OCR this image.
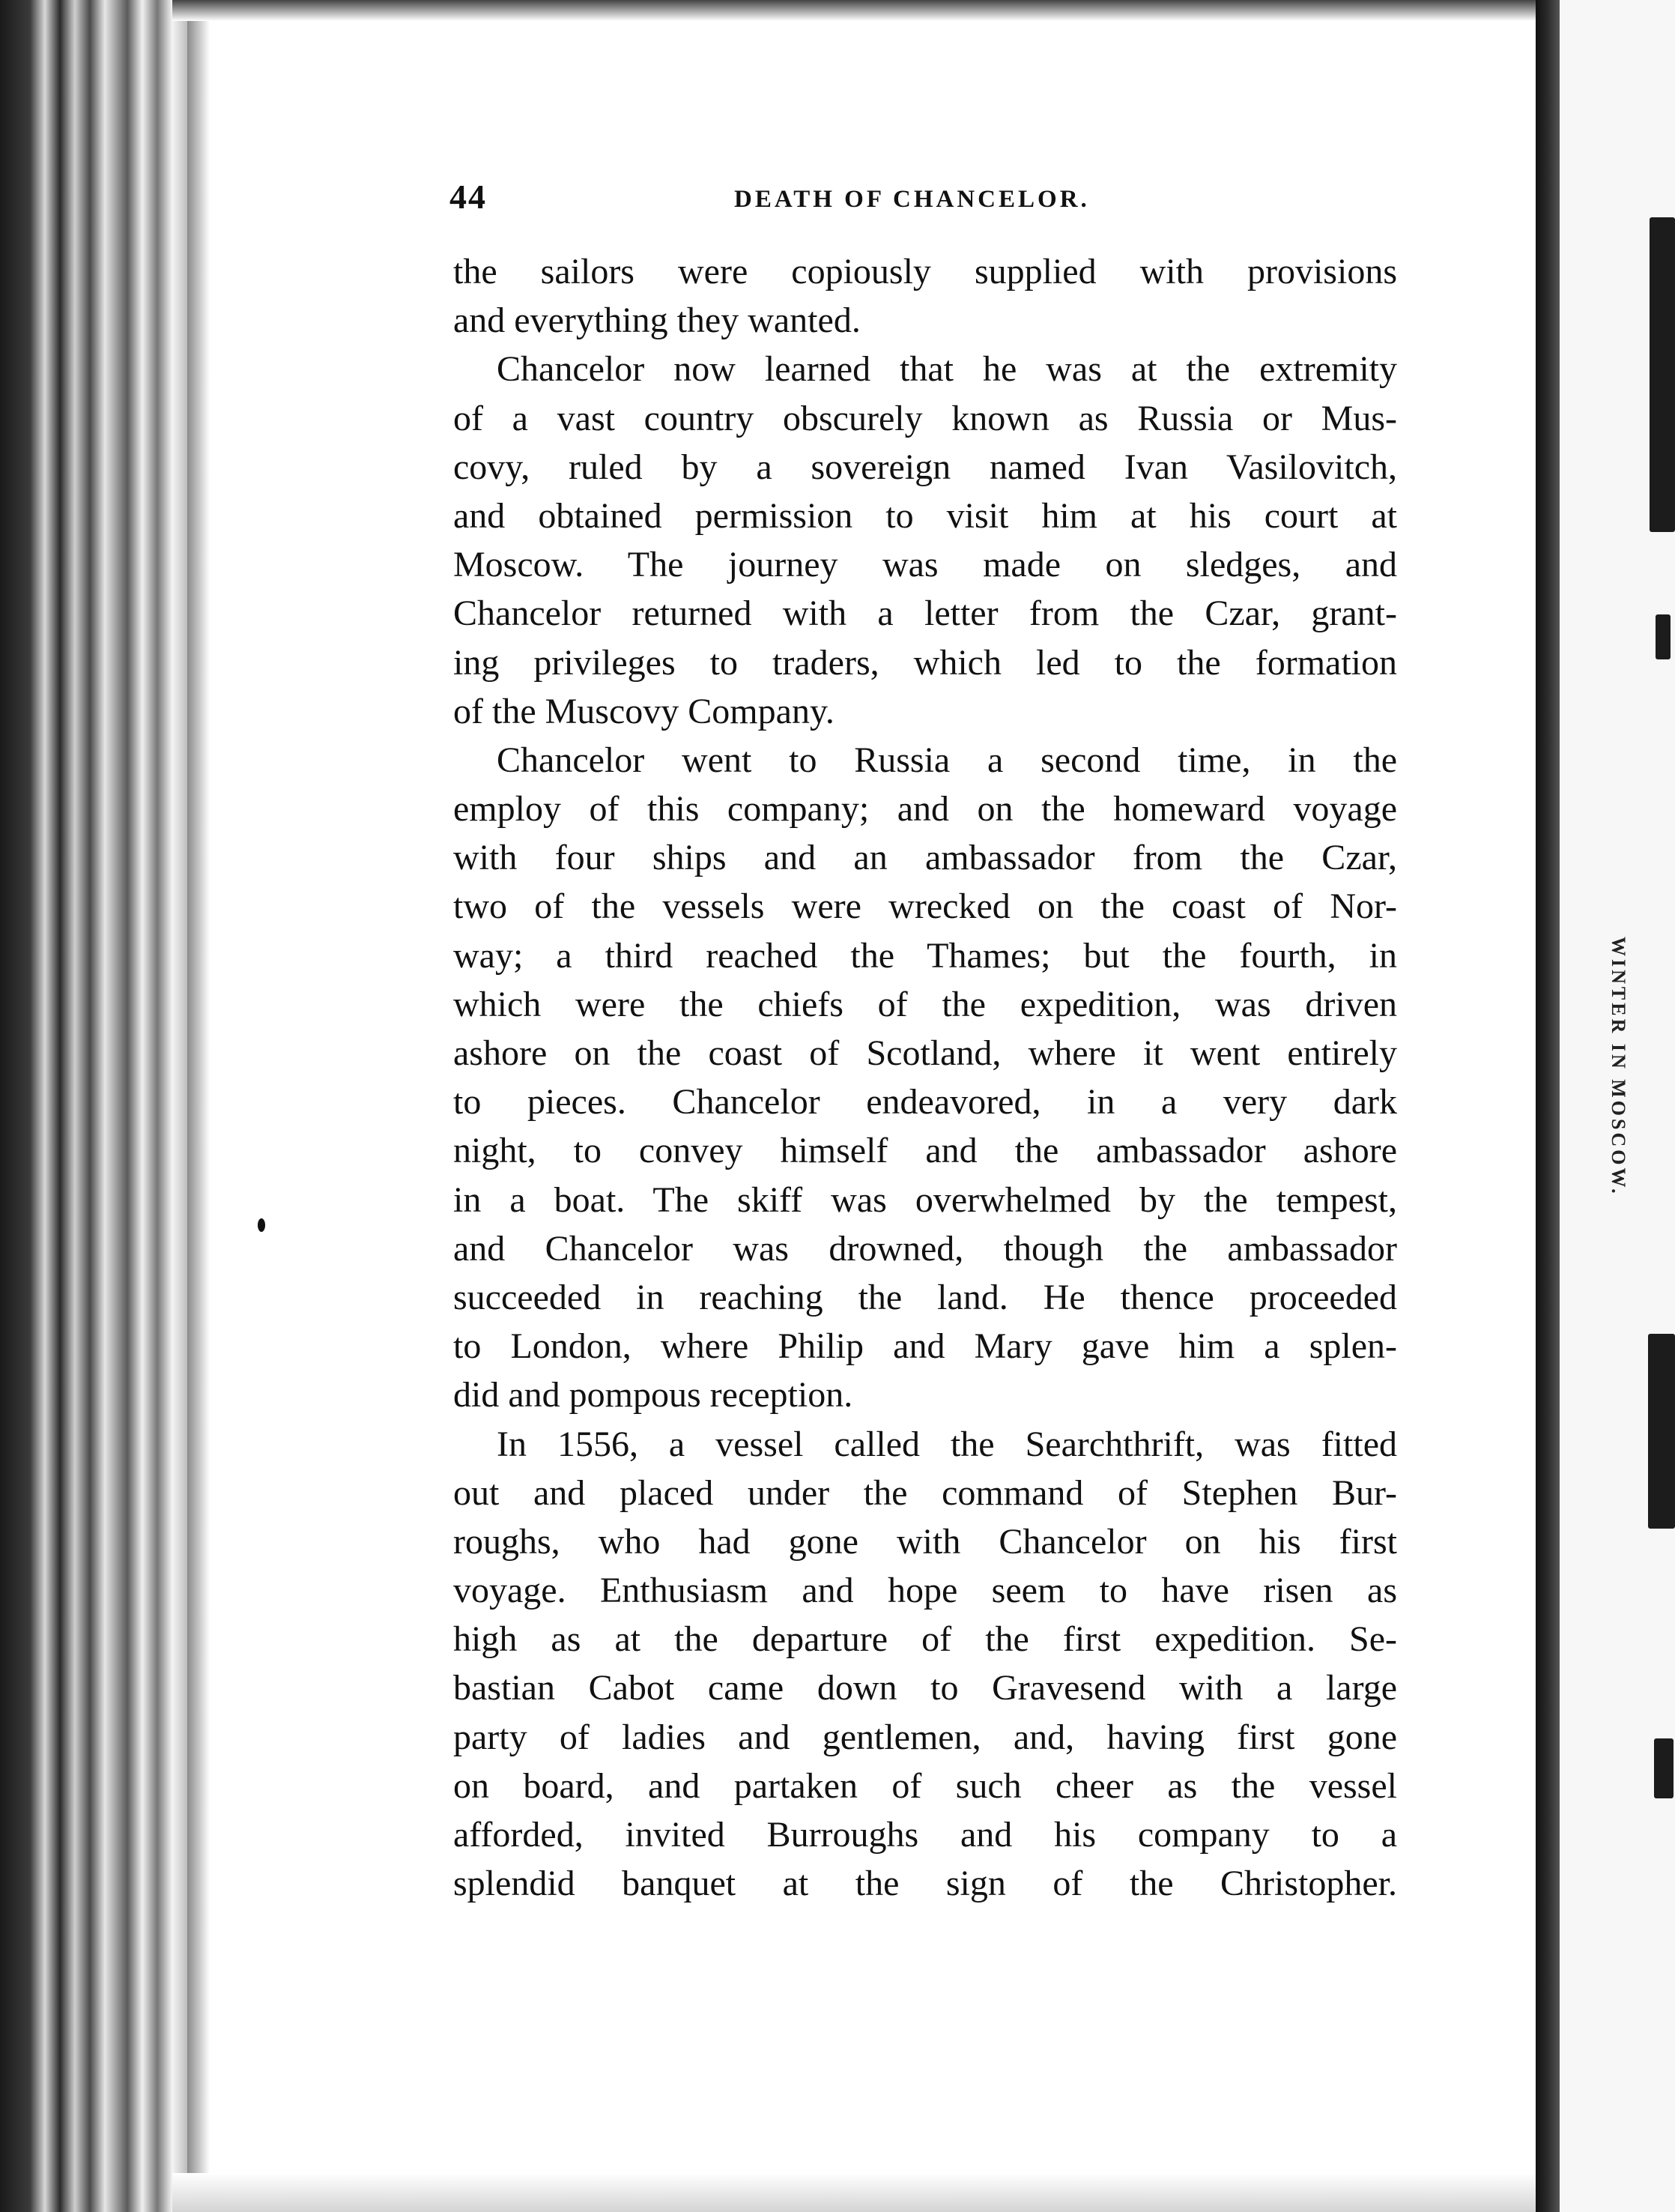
44	DEATH OF CHANCELOR.
the sailors were copiously supplied with provisions
and everything they wanted.
Chancelor now learned that he was at the extremity
of a vast country obscurely known as Russia or Mus-
covy, ruled by a sovereign named Ivan Vasilovitch,
and obtained permission to visit him at his court at
Moscow. The journey was made on sledges, and
Chancelor returned with a letter from the Czar, grant-
ing privileges to traders, which led to the formation
of the Muscovy Company.
Chancelor went to Russia a second time, in the
employ of this company; and on the homeward voyage
with four ships and an ambassador from the Czar,
two of the vessels were wrecked on the coast of Nor-
way; a third reached the Thames; but the fourth, in
which were the chiefs of the expedition, was driven
ashore on the coast of Scotland, where it went entirely
to pieces. Chancelor endeavored, in a very dark
night, to convey himself and the ambassador ashore
in a boat. The skiff was overwhelmed by the tempest,
and Chancelor was drowned, though the ambassador
succeeded in reaching the land. He thence proceeded
to London, where Philip and Mary gave him a splen-
did and pompous reception.
In 1556, a vessel called the Searchthrift, was fitted
out and placed under the command of Stephen Bur-
roughs, who had gone with Chancelor on his first
voyage. Enthusiasm and hope seem to have risen as
high as at the departure of the first expedition. Se-
bastian Cabot came down to Gravesend with a large
party of ladies and gentlemen, and, having first gone
on board, and partaken of such cheer as the vessel
afforded, invited Burroughs and his company to a
splendid banquet at the sign of the Christopher.
WINTER IN MOSCOW.
